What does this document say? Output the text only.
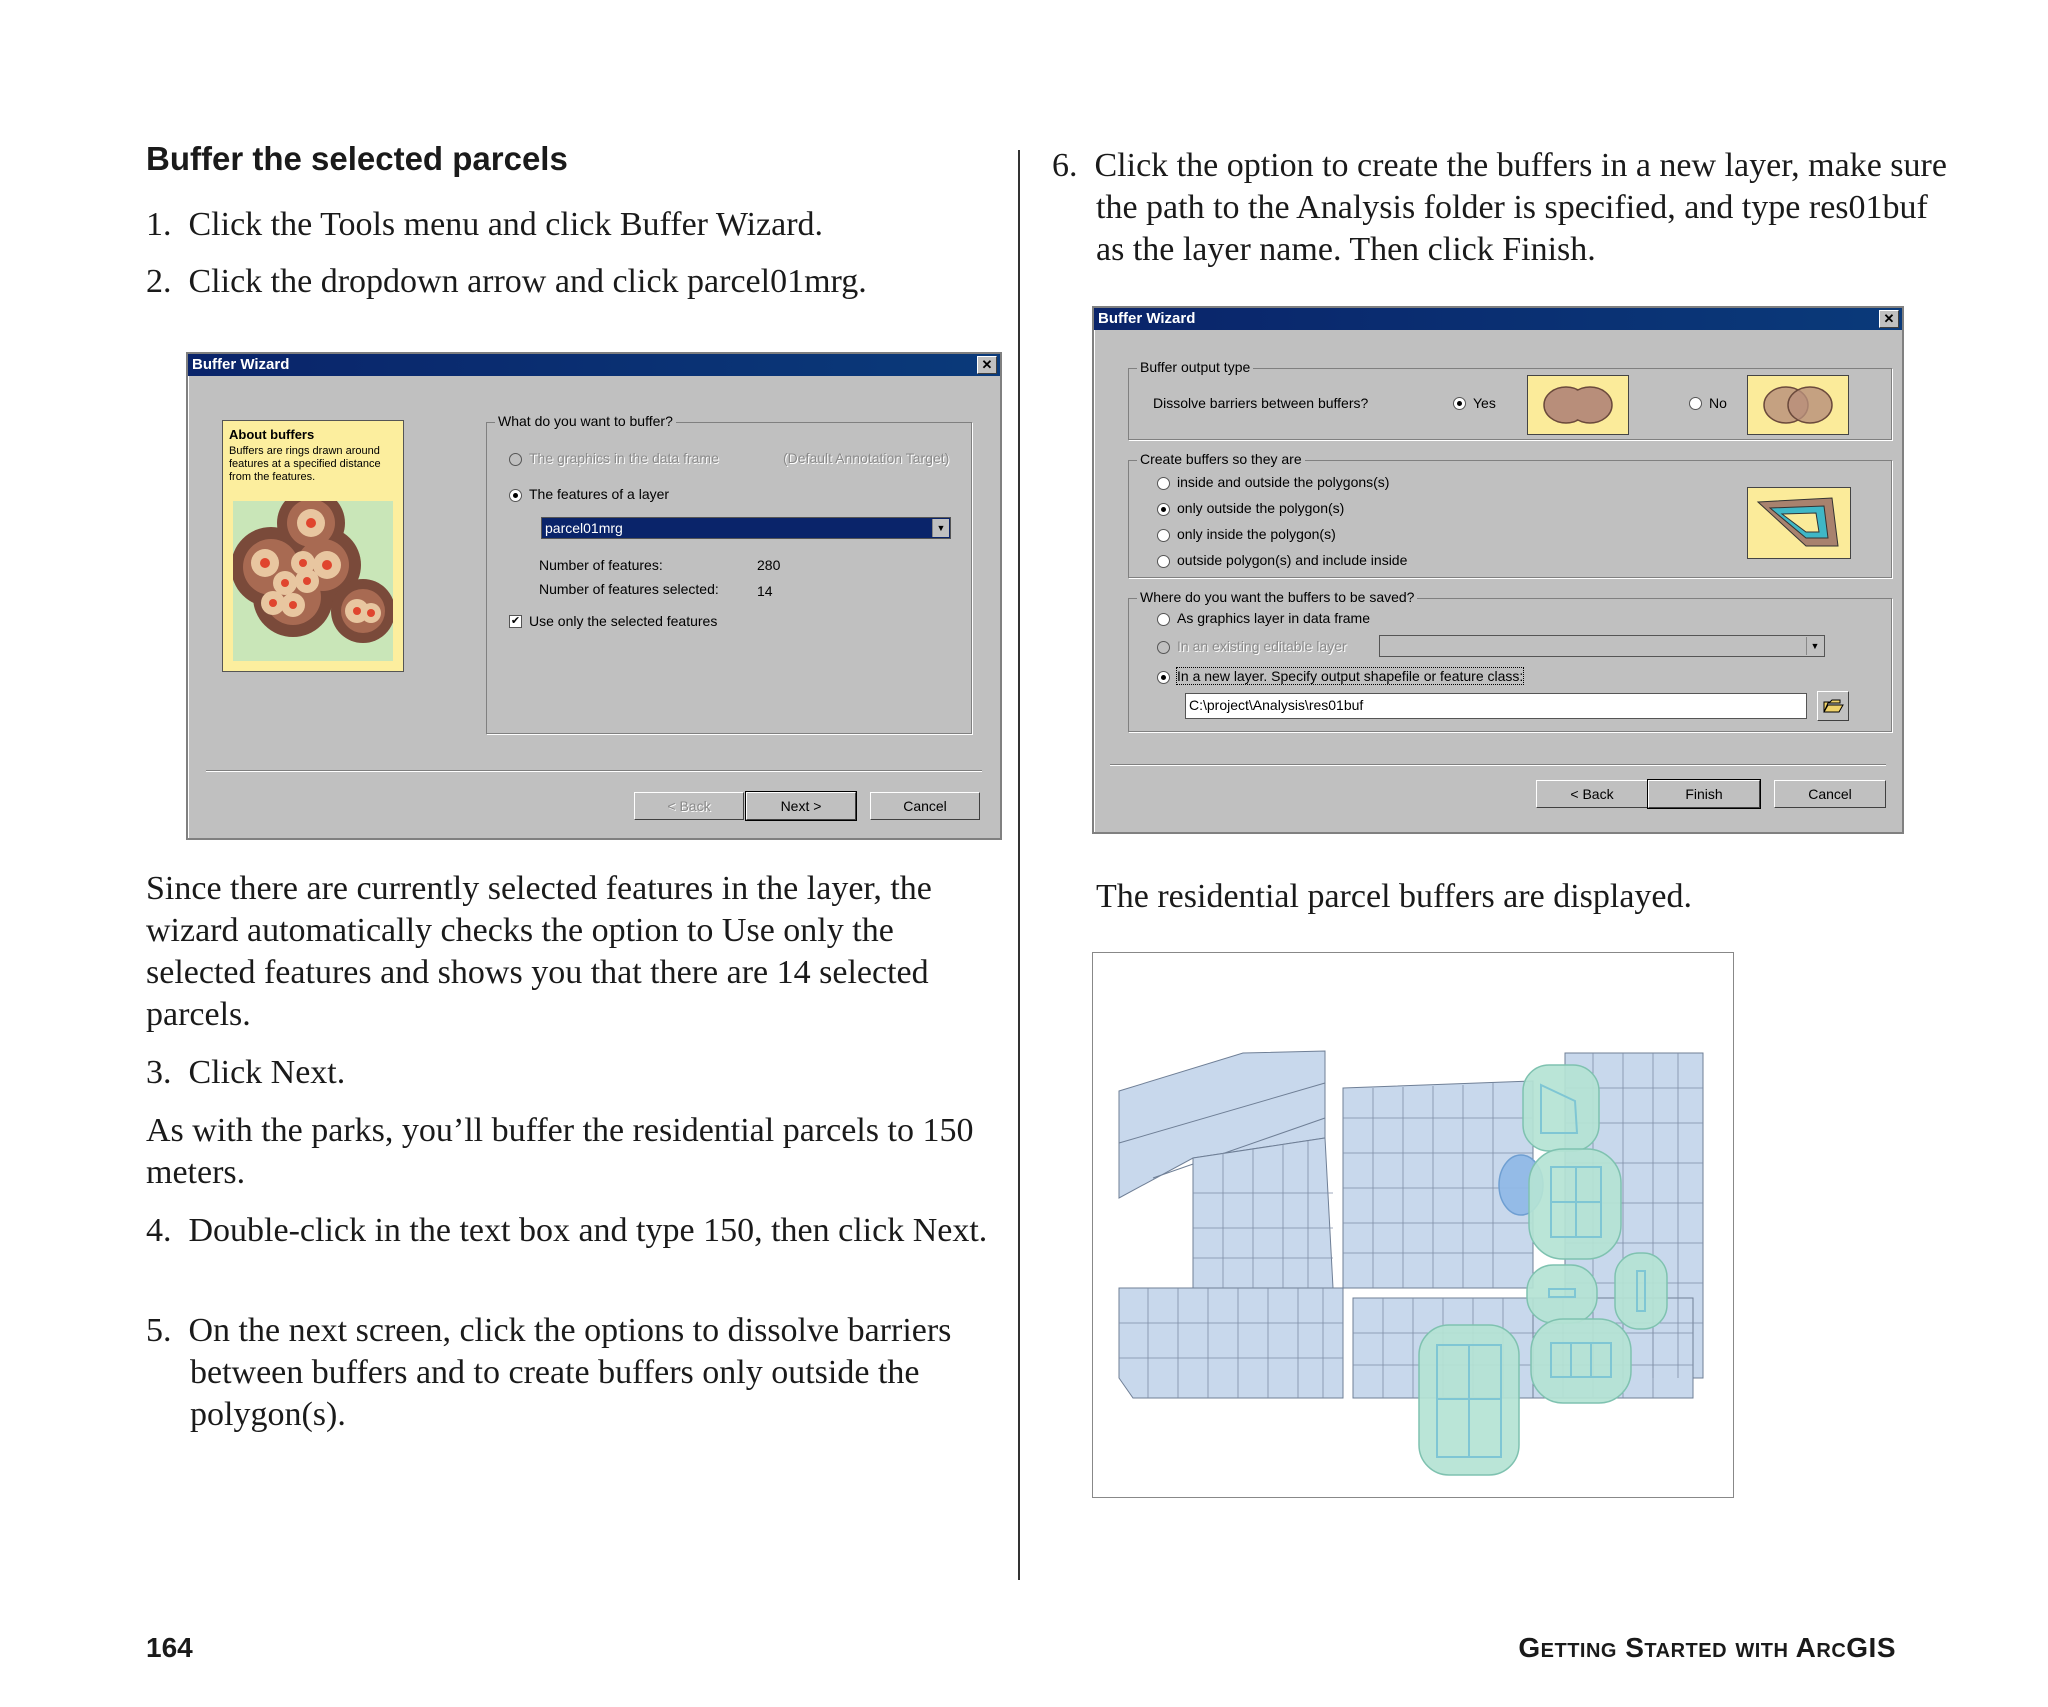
Buffer the selected parcels

1.  Click the Tools menu and click Buffer Wizard.

2.  Click the dropdown arrow and click parcel01mrg.

Buffer Wizard	✕
About buffers
Buffers are rings drawn around features at a specified distance from the features.
What do you want to buffer?
The graphics in the data frame	(Default Annotation Target)
The features of a layer
parcel01mrg	▼
Number of features:	280
Number of features selected:	14
✔ Use only the selected features
< Back	Next >	Cancel

Since there are currently selected features in the layer, the wizard automatically checks the option to Use only the selected features and shows you that there are 14 selected parcels.

3.  Click Next.

As with the parks, you’ll buffer the residential parcels to 150 meters.

4.  Double-click in the text box and type 150, then click Next.

5.  On the next screen, click the options to dissolve barriers between buffers and to create buffers only outside the polygon(s).

6.  Click the option to create the buffers in a new layer, make sure the path to the Analysis folder is specified, and type res01buf as the layer name. Then click Finish.

Buffer Wizard	✕
Buffer output type
Dissolve barriers between buffers?	Yes	No
Create buffers so they are
inside and outside the polygons(s)
only outside the polygon(s)
only inside the polygon(s)
outside polygon(s) and include inside
Where do you want the buffers to be saved?
As graphics layer in data frame
In an existing editable layer	▼
In a new layer. Specify output shapefile or feature class:
C:\project\Analysis\res01buf
< Back	Finish	Cancel

The residential parcel buffers are displayed.

164	Getting Started with ArcGIS
